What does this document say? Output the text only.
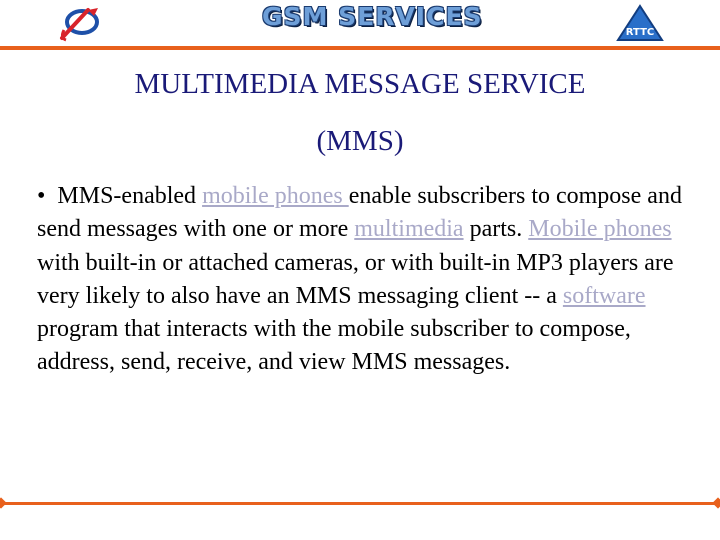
GSM SERVICES
RTTC
MULTIMEDIA MESSAGE SERVICE
(MMS)

• MMS-enabled mobile phones enable subscribers to compose and send messages with one or more multimedia parts. Mobile phones with built-in or attached cameras, or with built-in MP3 players are very likely to also have an MMS messaging client -- a software program that interacts with the mobile subscriber to compose, address, send, receive, and view MMS messages.
